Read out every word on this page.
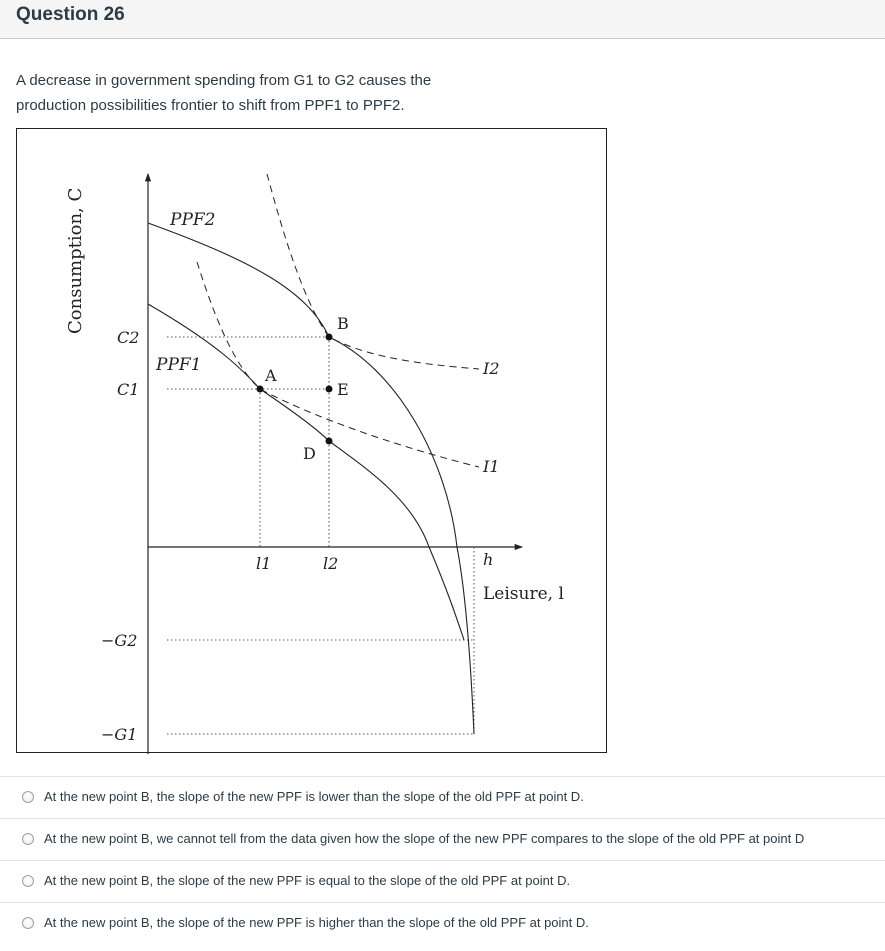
Question 26

A decrease in government spending from G1 to G2 causes the

production possibilities frontier to shift from PPF1 to PPF2.

PPF2
PPF1
C2
C1
−G2
−G1
l1	l2	h
Leisure, l
I2
I1
A
B
D
E
Consumption, C
At the new point B, the slope of the new PPF is lower than the slope of the old PPF at point D.
At the new point B, we cannot tell from the data given how the slope of the new PPF compares to the slope of the old PPF at point D
At the new point B, the slope of the new PPF is equal to the slope of the old PPF at point D.
At the new point B, the slope of the new PPF is higher than the slope of the old PPF at point D.
